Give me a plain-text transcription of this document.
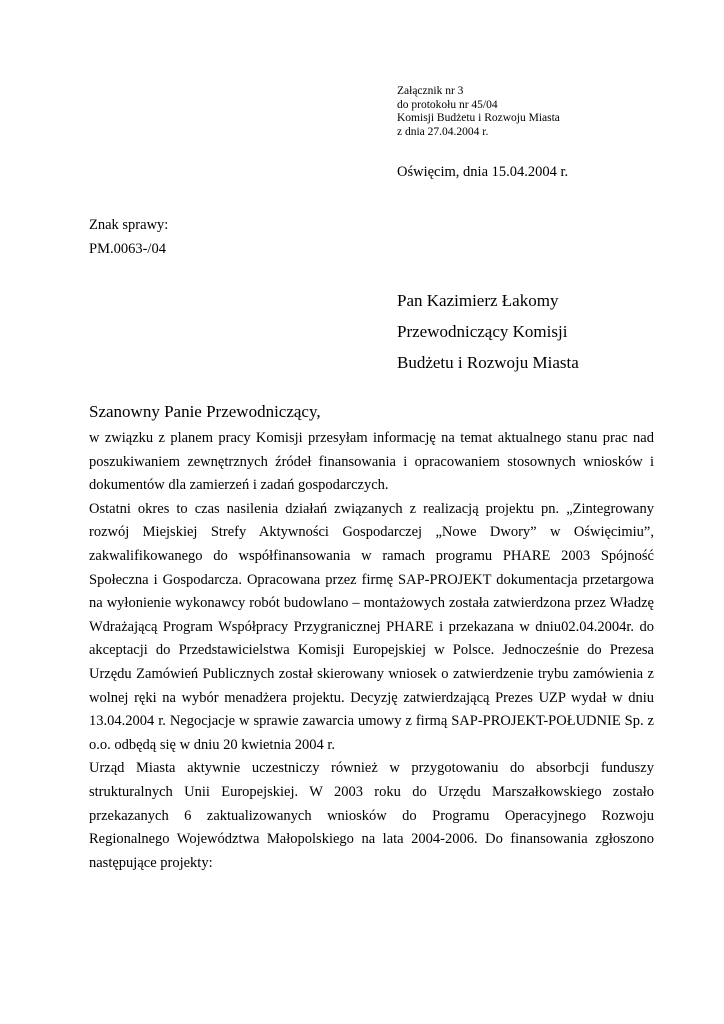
Załącznik nr 3
do protokołu nr 45/04
Komisji Budżetu i Rozwoju Miasta
z dnia 27.04.2004 r.
Oświęcim, dnia 15.04.2004 r.
Znak sprawy:
PM.0063-/04
Pan Kazimierz Łakomy
Przewodniczący Komisji
Budżetu i Rozwoju Miasta
Szanowny Panie Przewodniczący,

w związku z planem pracy Komisji przesyłam informację na temat aktualnego stanu prac nad poszukiwaniem zewnętrznych źródeł finansowania i opracowaniem stosownych wniosków i dokumentów dla zamierzeń i zadań gospodarczych.

Ostatni okres to czas nasilenia działań związanych z realizacją projektu pn. „Zintegrowany rozwój Miejskiej Strefy Aktywności Gospodarczej „Nowe Dwory” w Oświęcimiu”, zakwalifikowanego do współfinansowania w ramach programu PHARE 2003 Spójność Społeczna i Gospodarcza. Opracowana przez firmę SAP-PROJEKT dokumentacja przetargowa na wyłonienie wykonawcy robót budowlano – montażowych została zatwierdzona przez Władzę Wdrażającą Program Współpracy Przygranicznej PHARE i przekazana w dniu02.04.2004r. do akceptacji do Przedstawicielstwa Komisji Europejskiej w Polsce. Jednocześnie do Prezesa Urzędu Zamówień Publicznych został skierowany wniosek o zatwierdzenie trybu zamówienia z wolnej ręki na wybór menadżera projektu. Decyzję zatwierdzającą Prezes UZP wydał w dniu 13.04.2004 r. Negocjacje w sprawie zawarcia umowy z firmą SAP-PROJEKT-POŁUDNIE Sp. z o.o. odbędą się w dniu 20 kwietnia 2004 r.

Urząd Miasta aktywnie uczestniczy również w przygotowaniu do absorbcji funduszy strukturalnych Unii Europejskiej. W 2003 roku do Urzędu Marszałkowskiego zostało przekazanych 6 zaktualizowanych wniosków do Programu Operacyjnego Rozwoju Regionalnego Województwa Małopolskiego na lata 2004-2006. Do finansowania zgłoszono następujące projekty:
